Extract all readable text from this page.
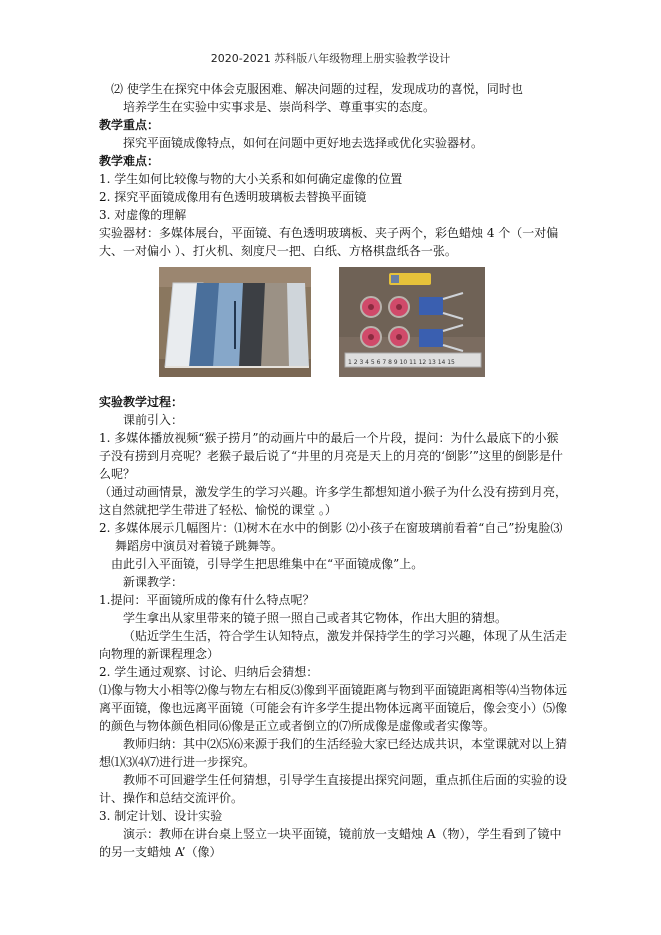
2020-2021 苏科版八年级物理上册实验教学设计

⑵ 使学生在探究中体会克服困难、解决问题的过程，发现成功的喜悦，同时也

培养学生在实验中实事求是、崇尚科学、尊重事实的态度。

教学重点：

探究平面镜成像特点，如何在问题中更好地去选择或优化实验器材。

教学难点：

1. 学生如何比较像与物的大小关系和如何确定虚像的位置

2. 探究平面镜成像用有色透明玻璃板去替换平面镜

3. 对虚像的理解

实验器材：多媒体展台，平面镜、有色透明玻璃板、夹子两个，彩色蜡烛 4 个（一对偏大、一对偏小 ）、打火机、刻度尺一把、白纸、方格棋盘纸各一张。

1 2 3 4 5 6 7 8 9 10 11 12 13 14 15

实验教学过程：

课前引入：

1. 多媒体播放视频“猴子捞月”的动画片中的最后一个片段，提问：为什么最底下的小猴子没有捞到月亮呢？老猴子最后说了“井里的月亮是天上的月亮的‘倒影’”这里的倒影是什么呢？

（通过动画情景，激发学生的学习兴趣。许多学生都想知道小猴子为什么没有捞到月亮，这自然就把学生带进了轻松、愉悦的课堂 。）

2. 多媒体展示几幅图片：⑴树木在水中的倒影 ⑵小孩子在窗玻璃前看着“自己”扮鬼脸⑶舞蹈房中演员对着镜子跳舞等。

由此引入平面镜，引导学生把思维集中在“平面镜成像”上。

新课教学：

1.提问：平面镜所成的像有什么特点呢？

学生拿出从家里带来的镜子照一照自己或者其它物体，作出大胆的猜想。

（贴近学生生活，符合学生认知特点，激发并保持学生的学习兴趣，体现了从生活走向物理的新课程理念）

2. 学生通过观察、讨论、归纳后会猜想：

⑴像与物大小相等⑵像与物左右相反⑶像到平面镜距离与物到平面镜距离相等⑷当物体远离平面镜，像也远离平面镜（可能会有许多学生提出物体远离平面镜后，像会变小）⑸像的颜色与物体颜色相同⑹像是正立或者倒立的⑺所成像是虚像或者实像等。

教师归纳：其中⑵⑸⑹来源于我们的生活经验大家已经达成共识，本堂课就对以上猜想⑴⑶⑷⑺进行进一步探究。

教师不可回避学生任何猜想，引导学生直接提出探究问题，重点抓住后面的实验的设计、操作和总结交流评价。

3. 制定计划、设计实验

演示：教师在讲台桌上竖立一块平面镜，镜前放一支蜡烛 A（物），学生看到了镜中的另一支蜡烛 A’（像）
